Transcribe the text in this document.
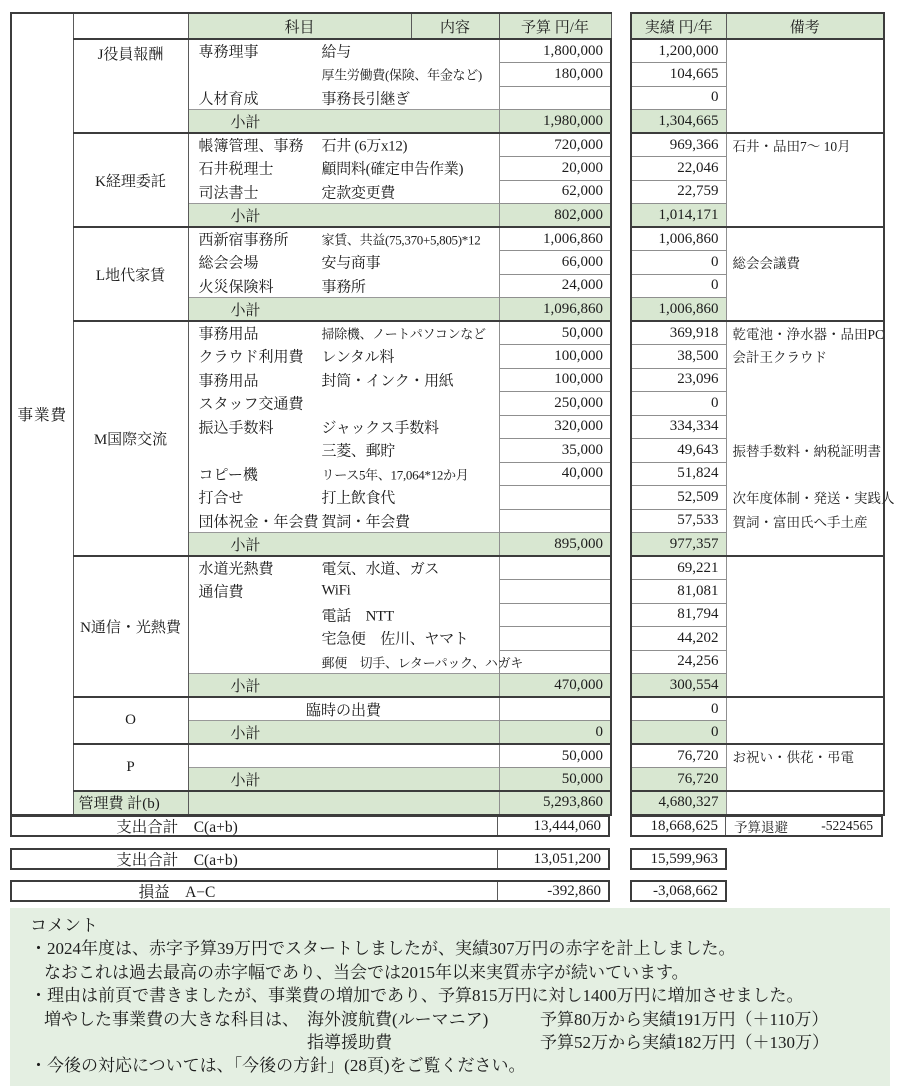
事業費		科目	内容	予算 円/年		実績 円/年	備考
	J役員報酬	専務理事 給与		1,800,000		1,200,000	

		厚生労働費(保険、年金など)		180,000		104,665	

		人材育成 事務長引継ぎ				0	
		小計		1,980,000		1,304,665	
	K経理委託	帳簿管理、事務 石井 (6万x12)		720,000		969,366	石井・品田7〜 10月

		石井税理士 顧問料(確定申告作業)		20,000		22,046	

		司法書士 定款変更費		62,000		22,759	
		小計		802,000		1,014,171	
	L地代家賃	西新宿事務所 家賃、共益(75,370+5,805)*12		1,006,860		1,006,860	

		総会会場 安与商事		66,000		0	総会会議費

		火災保険料 事務所		24,000		0	
		小計		1,096,860		1,006,860	
	M国際交流	事務用品 掃除機、ノートパソコンなど		50,000		369,918	乾電池・浄水器・品田PC

		クラウド利用費 レンタル料		100,000		38,500	会計王クラウド

		事務用品 封筒・インク・用紙		100,000		23,096	

		スタッフ交通費		250,000		0	

		振込手数料 ジャックス手数料		320,000		334,334	

		三菱、郵貯		35,000		49,643	振替手数料・納税証明書

		コピー機 リース5年、17,064*12か月		40,000		51,824	

		打合せ 打上飲食代				52,509	次年度体制・発送・実践人

		団体祝金・年会費 賀詞・年会費				57,533	賀詞・富田氏へ手土産
		小計		895,000		977,357	
	N通信・光熱費	水道光熱費 電気、水道、ガス				69,221	

		通信費 WiFi				81,081	

		電話　NTT				81,794	

		宅急便　佐川、ヤマト				44,202	

		郵便　切手、レターパック、ハガキ				24,256	
		小計		470,000		300,554	
	O	臨時の出費				0	
		小計		0		0	
	P			50,000		76,720	お祝い・供花・弔電
		小計		50,000		76,720	
	管理費 計(b)			5,293,860		4,680,327	
支出合計　C(a+b)	13,444,060	18,668,625	予算退避 -5224565
支出合計　C(a+b)	13,051,200	15,599,963
損益　A−C	-392,860	-3,068,662
コメント
・2024年度は、赤字予算39万円でスタートしましたが、実績307万円の赤字を計上しました。
なおこれは過去最高の赤字幅であり、当会では2015年以来実質赤字が続いています。
・理由は前頁で書きましたが、事業費の増加であり、予算815万円に対し1400万円に増加させました。
増やした事業費の大きな科目は、 海外渡航費(ルーマニア)	予算80万から実績191万円（＋110万）
指導援助費	予算52万から実績182万円（＋130万）
・今後の対応については、「今後の方針」(28頁)をご覧ください。
